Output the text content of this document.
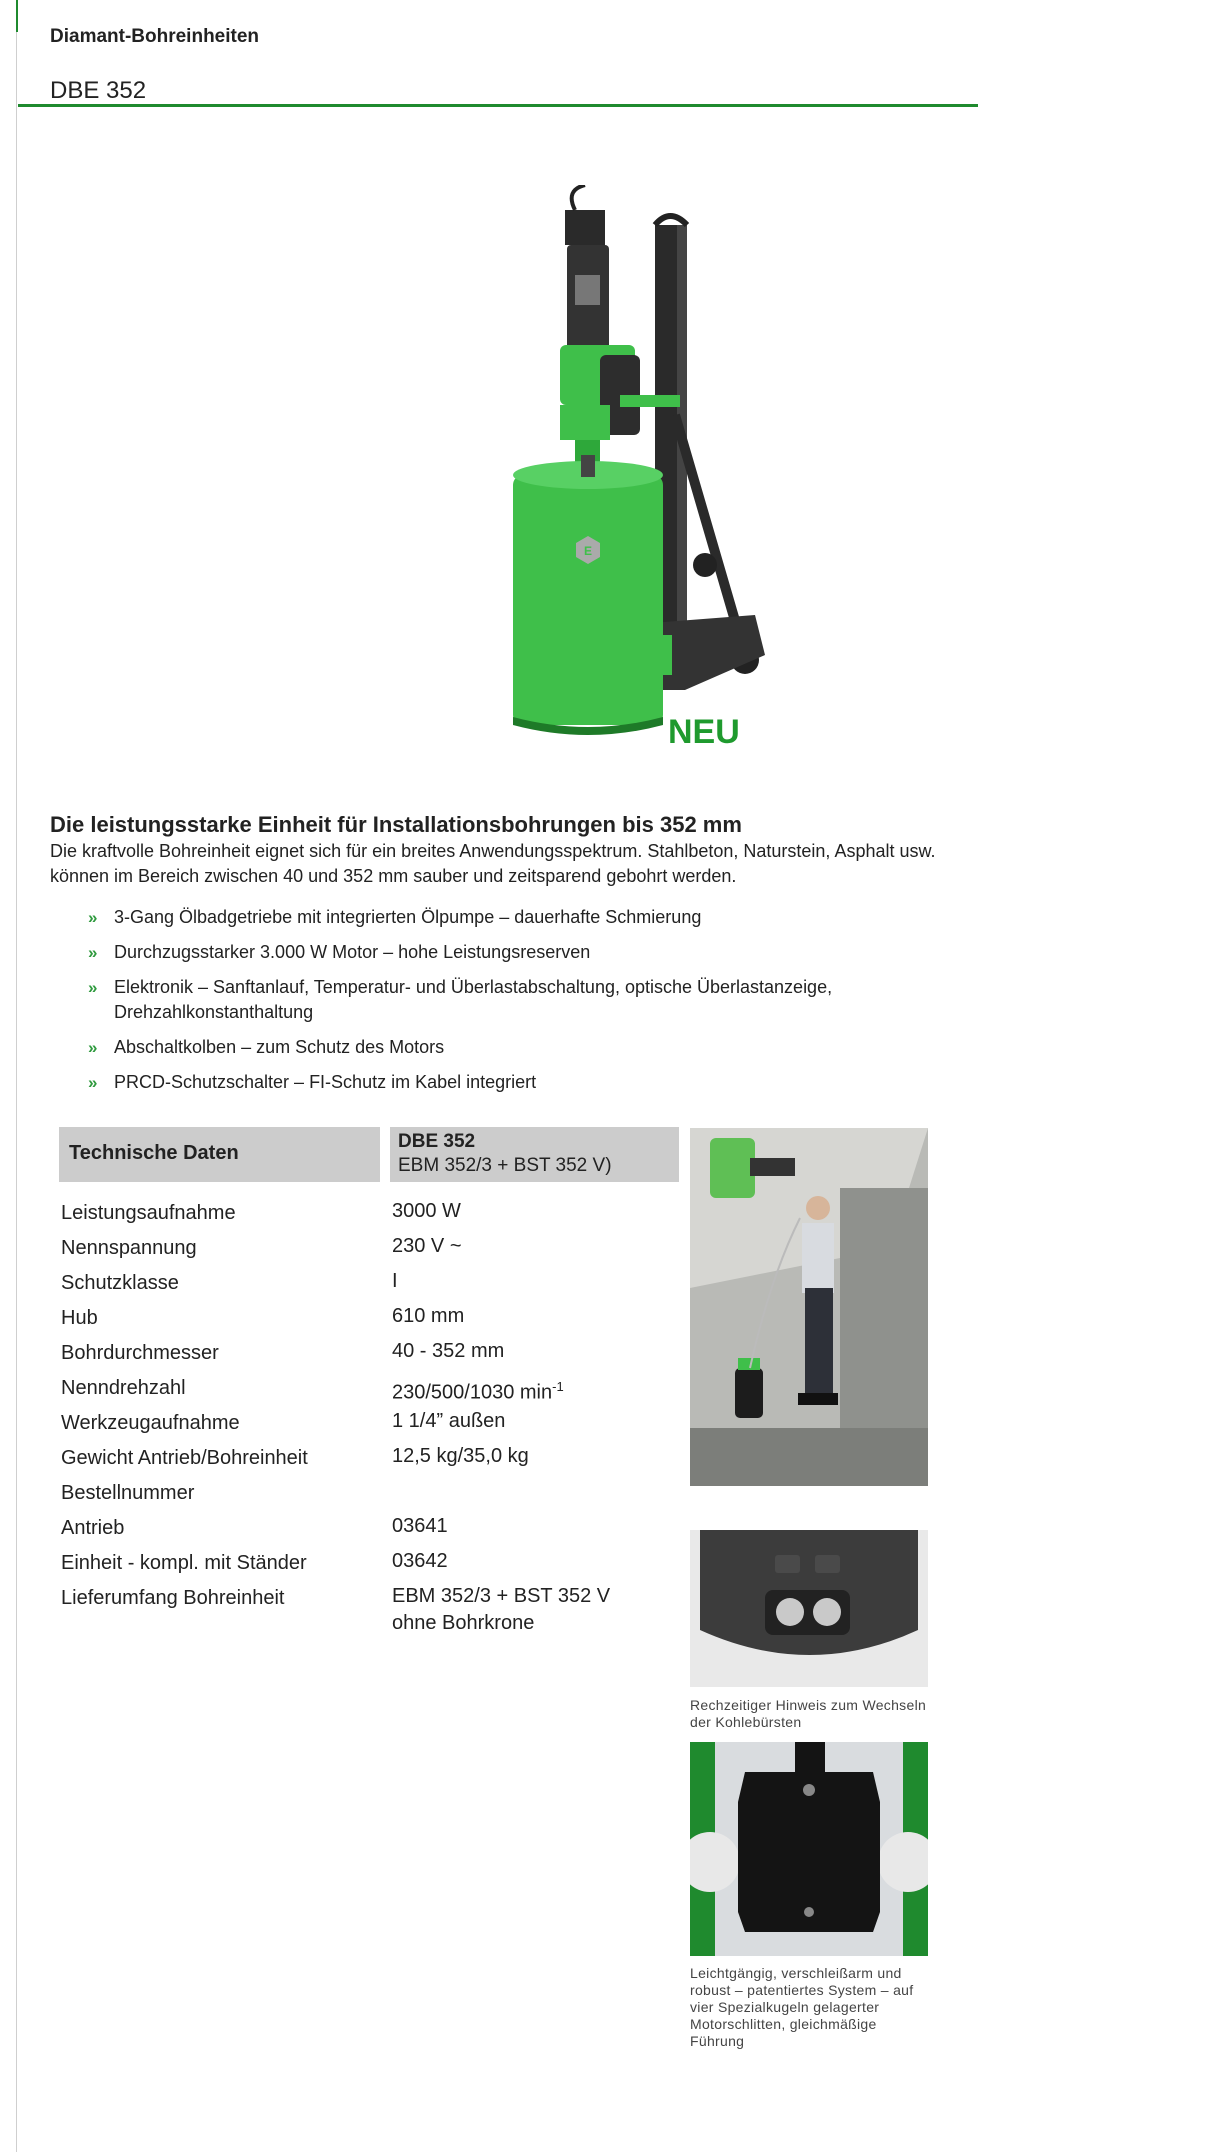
Diamant-Bohreinheiten
DBE 352
E
NEU
Die leistungsstarke Einheit für Installationsbohrungen bis 352 mm
Die kraftvolle Bohreinheit eignet sich für ein breites Anwendungsspektrum. Stahlbeton, Naturstein, Asphalt usw. können im Bereich zwischen 40 und 352 mm sauber und zeitsparend gebohrt werden.
» 3-Gang Ölbadgetriebe mit integrierten Ölpumpe – dauerhafte Schmierung
» Durchzugsstarker 3.000 W Motor – hohe Leistungsreserven
» Elektronik – Sanftanlauf, Temperatur- und Überlastabschaltung, optische Überlastanzeige, Drehzahlkonstanthaltung
» Abschaltkolben – zum Schutz des Motors
» PRCD-Schutzschalter – FI-Schutz im Kabel integriert
Technische Daten
DBE 352
EBM 352/3 + BST 352 V)
Leistungsaufnahme	3000 W
Nennspannung	230 V ~
Schutzklasse	I
Hub	610 mm
Bohrdurchmesser	40 - 352 mm
Nenndrehzahl	230/500/1030 $\min^{-1}$
Werkzeugaufnahme	1 1/4” außen
Gewicht Antrieb/Bohreinheit	12,5 kg/35,0 kg
Bestellnummer
Antrieb	03641
Einheit - kompl. mit Ständer	03642
Lieferumfang Bohreinheit	EBM 352/3 + BST 352 V
ohne Bohrkrone
Rechzeitiger Hinweis zum Wechseln der Kohlebürsten
Leichtgängig, verschleißarm und robust – patentiertes System – auf vier Spezialkugeln gelagerter Motorschlitten, gleichmäßige Führung
